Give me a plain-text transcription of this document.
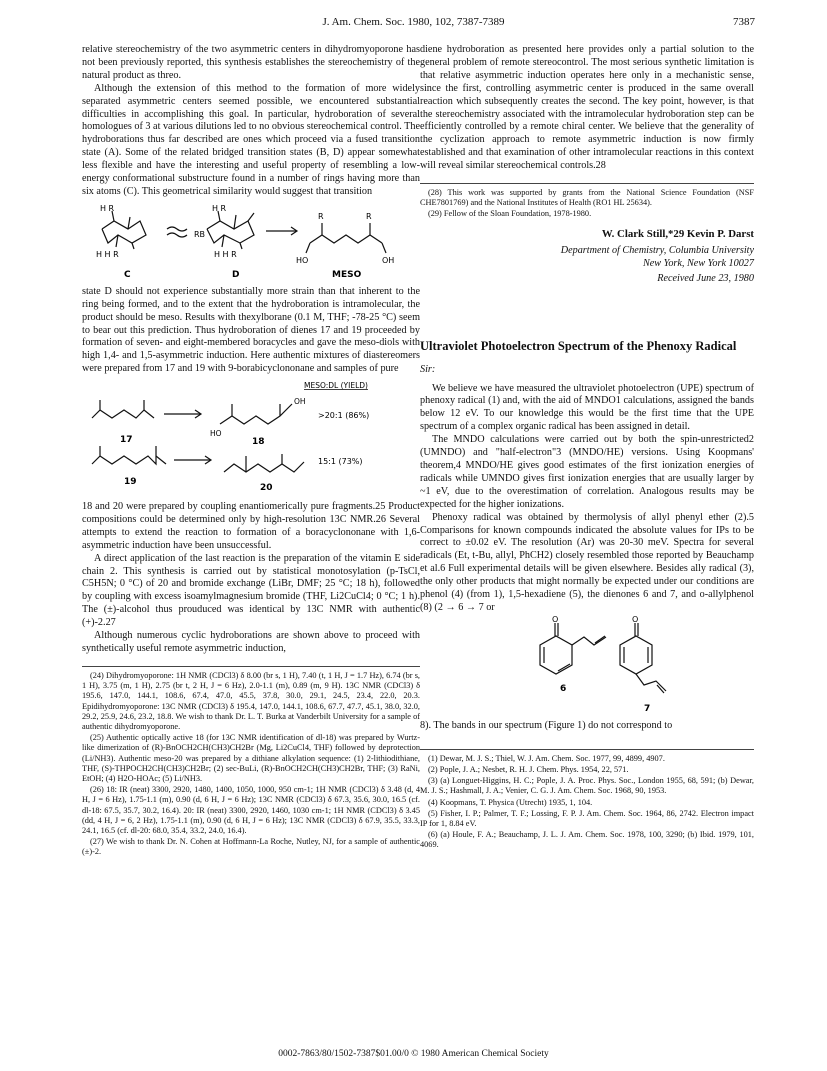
J. Am. Chem. Soc. 1980, 102, 7387-7389	7387

relative stereochemistry of the two asymmetric centers in dihydromyoporone has not been previously reported, this synthesis establishes the stereochemistry of the natural product as threo.

Although the extension of this method to the formation of more widely separated asymmetric centers seemed possible, we encountered substantial difficulties in accomplishing this goal. In particular, hydroboration of several homologues of 3 at various dilutions led to no obvious stereochemical control. The hydroborations thus far described are ones which proceed via a fused transition state (A). Some of the related bridged transition states (B, D) appear somewhat less flexible and have the interesting and useful property of resembling a low-energy conformational substructure found in a number of rings having more than six atoms (C). This geometrical similarity would suggest that transition

H R
H H R
RB
H R
H H R
R	R
HO	OH
C	D	MESO

state D should not experience substantially more strain than that inherent to the ring being formed, and to the extent that the hydroboration is intramolecular, the product should be meso. Results with thexylborane (0.1 M, THF; -78-25 °C) seem to bear out this prediction. Thus hydroboration of dienes 17 and 19 proceeded by formation of seven- and eight-membered boracycles and gave the meso-diols with high 1,4- and 1,5-asymmetric induction. Here authentic mixtures of diastereomers were prepared from 17 and 19 with 9-borabicyclononane and samples of pure

MESO:DL (YIELD)
OH
HO
>20:1 (86%)
15:1 (73%)
17	18
19
20

18 and 20 were prepared by coupling enantiomerically pure fragments.25 Product compositions could be determined only by high-resolution 13C NMR.26 Several attempts to extend the reaction to formation of a boracyclononane with 1,6-asymmetric induction have been unsuccessful.

A direct application of the last reaction is the preparation of the vitamin E side chain 2. This synthesis is carried out by statistical monotosylation (p-TsCl, C5H5N; 0 °C) of 20 and bromide exchange (LiBr, DMF; 25 °C; 18 h), followed by coupling with excess isoamylmagnesium bromide (THF, Li2CuCl4; 0 °C; 1 h). The (±)-alcohol thus prouduced was identical by 13C NMR with authentic (+)-2.27

Although numerous cyclic hydroborations are shown above to proceed with synthetically useful remote asymmetric induction,

(24) Dihydromyoporone: 1H NMR (CDCl3) δ 8.00 (br s, 1 H), 7.40 (t, 1 H, J = 1.7 Hz), 6.74 (br s, 1 H), 3.75 (m, 1 H), 2.75 (br t, 2 H, J = 6 Hz), 2.0-1.1 (m), 0.89 (m, 9 H). 13C NMR (CDCl3) δ 195.6, 147.0, 144.1, 108.6, 67.4, 47.0, 45.5, 37.8, 30.0, 29.1, 24.5, 23.4, 22.0, 20.3. Epidihydromyoporone: 13C NMR (CDCl3) δ 195.4, 147.0, 144.1, 108.6, 67.7, 47.7, 45.1, 38.0, 32.0, 29.2, 25.9, 24.6, 23.2, 18.8. We wish to thank Dr. L. T. Burka at Vanderbilt University for a sample of authentic dihydromyoporone.

(25) Authentic optically active 18 (for 13C NMR identification of dl-18) was prepared by Wurtz-like dimerization of (R)-BnOCH2CH(CH3)CH2Br (Mg, Li2CuCl4, THF) followed by deprotection (Li/NH3). Authentic meso-20 was prepared by a dithiane alkylation sequence: (1) 2-lithiodithiane, THF, (S)-THPOCH2CH(CH3)CH2Br; (2) sec-BuLi, (R)-BnOCH2CH(CH3)CH2Br, THF; (3) RaNi, EtOH; (4) H2O-HOAc; (5) Li/NH3.

(26) 18: IR (neat) 3300, 2920, 1480, 1400, 1050, 1000, 950 cm-1; 1H NMR (CDCl3) δ 3.48 (d, 4 H, J = 6 Hz), 1.75-1.1 (m), 0.90 (d, 6 H, J = 6 Hz); 13C NMR (CDCl3) δ 67.3, 35.6, 30.0, 16.5 (cf. dl-18: 67.5, 35.7, 30.2, 16.4). 20: IR (neat) 3300, 2920, 1460, 1030 cm-1; 1H NMR (CDCl3) δ 3.45 (dd, 4 H, J = 6, 2 Hz), 1.75-1.1 (m), 0.90 (d, 6 H, J = 6 Hz); 13C NMR (CDCl3) δ 67.9, 35.5, 33.3, 24.1, 16.5 (cf. dl-20: 68.0, 35.4, 33.2, 24.0, 16.4).

(27) We wish to thank Dr. N. Cohen at Hoffmann-La Roche, Nutley, NJ, for a sample of authentic (±)-2.

diene hydroboration as presented here provides only a partial solution to the general problem of remote stereocontrol. The most serious synthetic limitation is that relative asymmetric induction operates here only in a mechanistic sense, since the first, controlling asymmetric center is produced in the same overall reaction which subsequently creates the second. The key point, however, is that the stereochemistry associated with the intramolecular hydroboration step can be efficiently controlled by a remote chiral center. We believe that the generality of the cyclization approach to remote asymmetric induction is now firmly established and that examination of other intramolecular reactions in this context will reveal similar stereochemical controls.28

(28) This work was supported by grants from the National Science Foundation (NSF CHE7801769) and the National Institutes of Health (RO1 HL 25634).

(29) Fellow of the Sloan Foundation, 1978-1980.

W. Clark Still,*29 Kevin P. Darst
Department of Chemistry, Columbia University
New York, New York 10027
Received June 23, 1980
Ultraviolet Photoelectron Spectrum of the Phenoxy Radical
Sir:

We believe we have measured the ultraviolet photoelectron (UPE) spectrum of phenoxy radical (1) and, with the aid of MNDO1 calculations, assigned the bands below 12 eV. To our knowledge this would be the first time that the UPE spectrum of a complex organic radical has been assigned in detail.

The MNDO calculations were carried out by both the spin-unrestricted2 (UMNDO) and "half-electron"3 (MNDO/HE) versions. Using Koopmans' theorem,4 MNDO/HE gives good estimates of the first ionization energies of radicals while UMNDO gives first ionization energies that are usually larger by ~1 eV, due to the overestimation of correlation. Analogous results may be expected for the higher ionizations.

Phenoxy radical was obtained by thermolysis of allyl phenyl ether (2).5 Comparisons for known compounds indicated the absolute values for IPs to be correct to ±0.02 eV. The resolution (Ar) was 20-30 meV. Spectra for several radicals (Et, t-Bu, allyl, PhCH2) closely resembled those reported by Beauchamp et al.6 Full experimental details will be given elsewhere. Besides ally radical (3), the only other products that might normally be expected under our conditions are phenol (4) (from 1), 1,5-hexadiene (5), the dienones 6 and 7, and o-allylphenol (8) (2 → 6 → 7 or

O	O
6
7

8). The bands in our spectrum (Figure 1) do not correspond to

(1) Dewar, M. J. S.; Thiel, W. J. Am. Chem. Soc. 1977, 99, 4899, 4907.

(2) Pople, J. A.; Nesbet, R. H. J. Chem. Phys. 1954, 22, 571.

(3) (a) Longuet-Higgins, H. C.; Pople, J. A. Proc. Phys. Soc., London 1955, 68, 591; (b) Dewar, M. J. S.; Hashmall, J. A.; Venier, C. G. J. Am. Chem. Soc. 1968, 90, 1953.

(4) Koopmans, T. Physica (Utrecht) 1935, 1, 104.

(5) Fisher, I. P.; Palmer, T. F.; Lossing, F. P. J. Am. Chem. Soc. 1964, 86, 2742. Electron impact IP for 1, 8.84 eV.

(6) (a) Houle, F. A.; Beauchamp, J. L. J. Am. Chem. Soc. 1978, 100, 3290; (b) Ibid. 1979, 101, 4069.

0002-7863/80/1502-7387$01.00/0 © 1980 American Chemical Society
